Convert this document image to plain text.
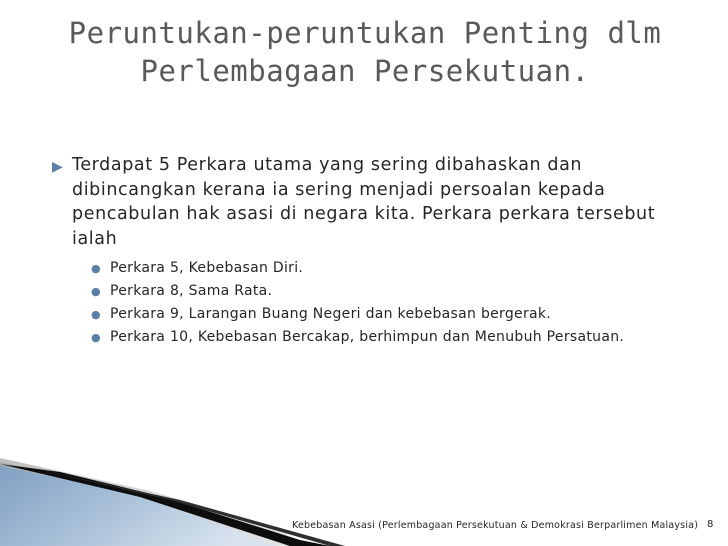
Peruntukan-peruntukan Penting dlm
Perlembagaan Persekutuan.
▶ Terdapat 5 Perkara utama yang sering dibahaskan dan dibincangkan kerana ia sering menjadi persoalan kepada pencabulan hak asasi di negara kita. Perkara perkara tersebut ialah
● Perkara 5, Kebebasan Diri.
● Perkara 8, Sama Rata.
● Perkara 9, Larangan Buang Negeri dan kebebasan bergerak.
● Perkara 10, Kebebasan Bercakap, berhimpun dan Menubuh Persatuan.
Kebebasan Asasi (Perlembagaan Persekutuan & Demokrasi Berparlimen Malaysia) 8
